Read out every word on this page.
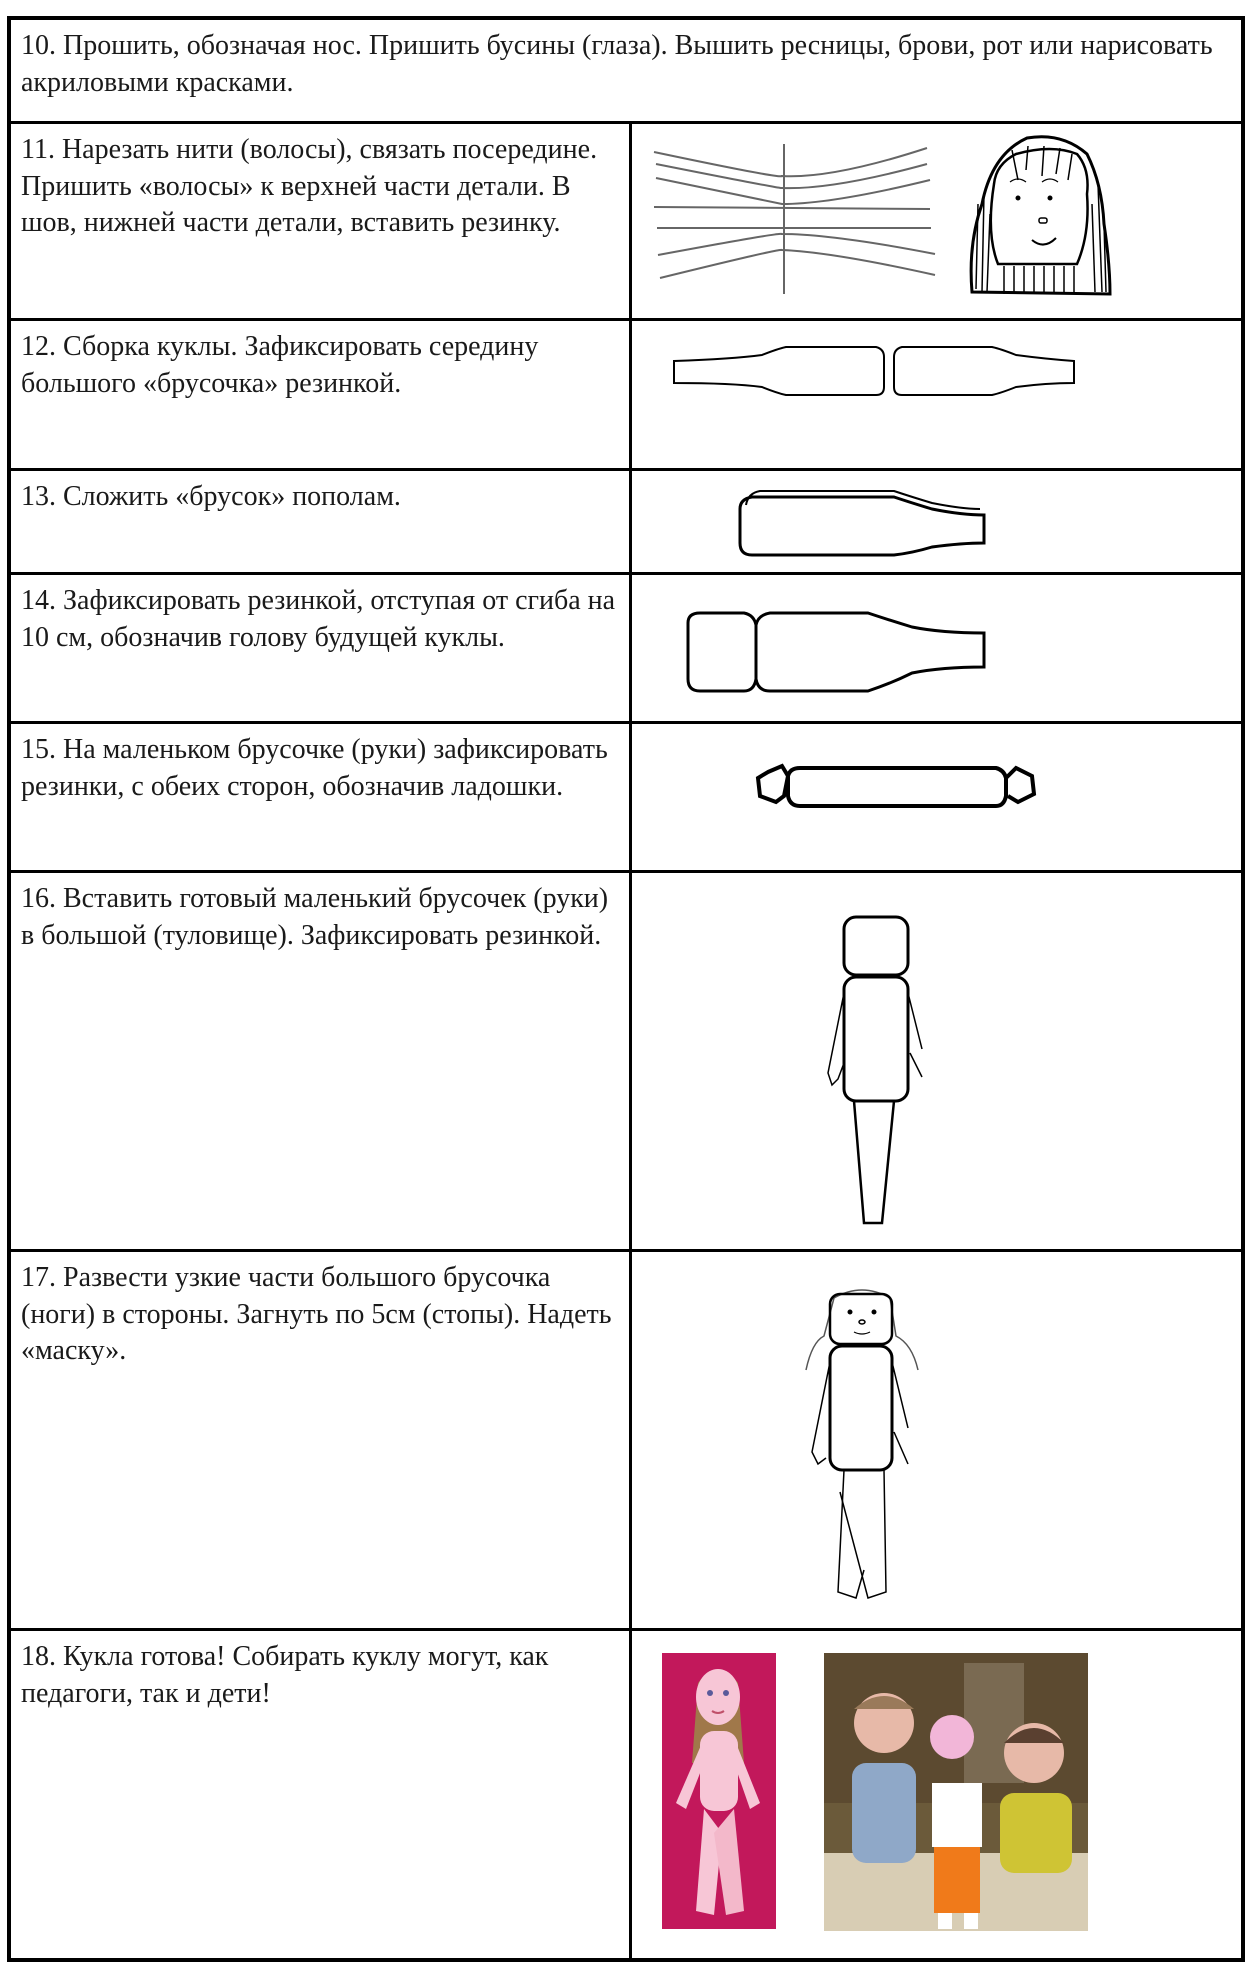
10. Прошить, обозначая нос. Пришить бусины (глаза). Вышить ресницы, брови, рот или нарисовать акриловыми красками.
11. Нарезать нити (волосы), связать посередине. Пришить «волосы» к верхней части детали. В шов, нижней части детали, вставить резинку.
12. Сборка куклы. Зафиксировать середину большого «брусочка» резинкой.
13. Сложить «брусок» пополам.
14. Зафиксировать резинкой, отступая от сгиба на 10 см, обозначив голову будущей куклы.
15. На маленьком брусочке (руки) зафиксировать резинки, с обеих сторон, обозначив ладошки.
16. Вставить готовый маленький брусочек (руки) в большой (туловище). Зафиксировать резинкой.
17. Развести узкие части большого брусочка (ноги) в стороны. Загнуть по 5см (стопы). Надеть «маску».
18. Кукла готова! Собирать куклу могут, как педагоги, так и дети!
